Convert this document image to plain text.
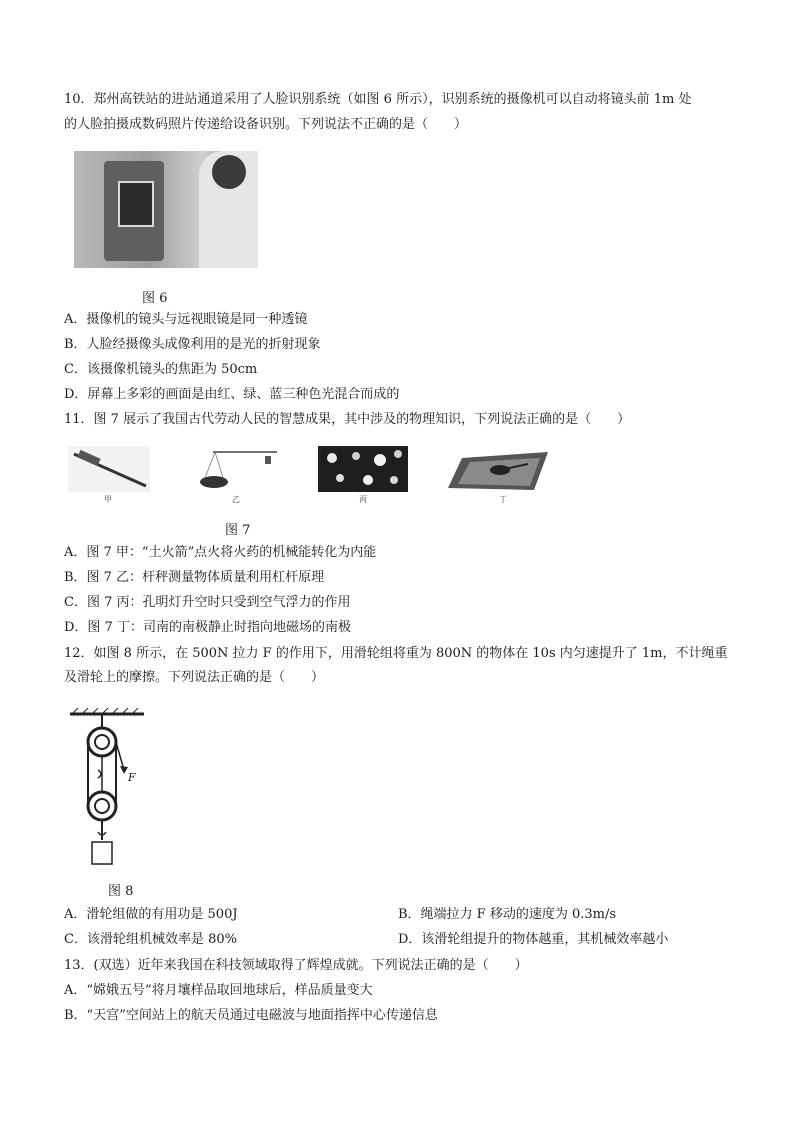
10．郑州高铁站的进站通道采用了人脸识别系统（如图 6 所示），识别系统的摄像机可以自动将镜头前 1m 处
的人脸拍摄成数码照片传递给设备识别。下列说法不正确的是（　　）
图 6
A．摄像机的镜头与远视眼镜是同一种透镜
B．人脸经摄像头成像利用的是光的折射现象
C．该摄像机镜头的焦距为 50cm
D．屏幕上多彩的画面是由红、绿、蓝三种色光混合而成的
11．图 7 展示了我国古代劳动人民的智慧成果，其中涉及的物理知识，下列说法正确的是（　　）
甲	乙	丙	丁
图 7
A．图 7 甲：“土火箭”点火将火药的机械能转化为内能
B．图 7 乙：杆秤测量物体质量利用杠杆原理
C．图 7 丙：孔明灯升空时只受到空气浮力的作用
D．图 7 丁：司南的南极静止时指向地磁场的南极
12．如图 8 所示，在 500N 拉力 F 的作用下，用滑轮组将重为 800N 的物体在 10s 内匀速提升了 1m，不计绳重
及滑轮上的摩擦。下列说法正确的是（　　）
F
图 8
A．滑轮组做的有用功是 500J	B．绳端拉力 F 移动的速度为 0.3m/s
C．该滑轮组机械效率是 80%	D．该滑轮组提升的物体越重，其机械效率越小
13．(双选）近年来我国在科技领域取得了辉煌成就。下列说法正确的是（　　）
A．“嫦娥五号”将月壤样品取回地球后，样品质量变大
B．“天宫”空间站上的航天员通过电磁波与地面指挥中心传递信息
